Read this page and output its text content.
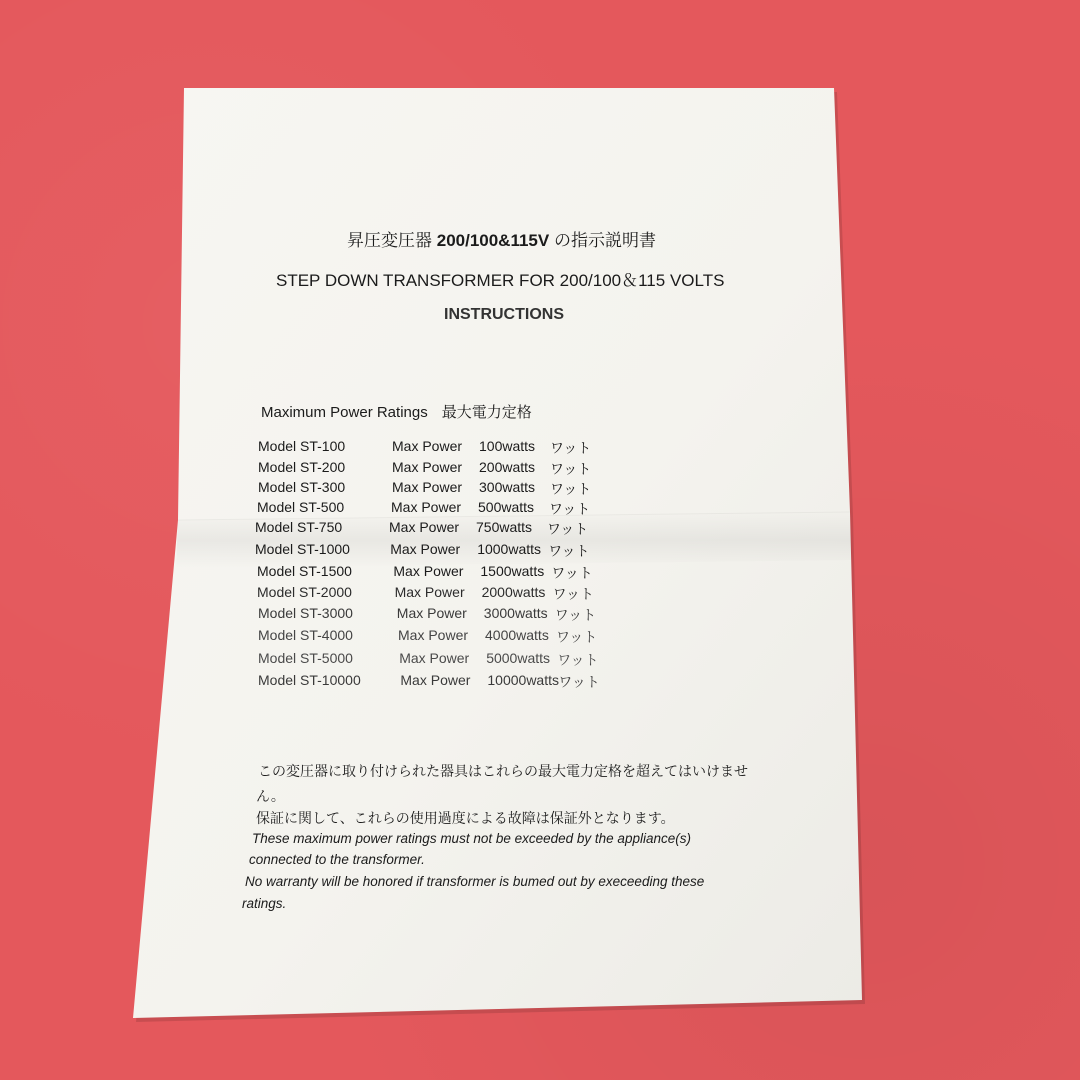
昇圧変圧器 200/100&115V の指示説明書
STEP DOWN TRANSFORMER FOR 200/100＆115 VOLTS
INSTRUCTIONS
Maximum Power Ratings 最大電力定格
Model ST-100	Max Power 100watts ワット
Model ST-200	Max Power 200watts ワット
Model ST-300	Max Power 300watts ワット
Model ST-500	Max Power 500watts ワット
Model ST-750	Max Power 750watts ワット
Model ST-1000	Max Power 1000watts ワット
Model ST-1500	Max Power 1500watts ワット
Model ST-2000	Max Power 2000watts ワット
Model ST-3000	Max Power 3000watts ワット
Model ST-4000	Max Power 4000watts ワット
Model ST-5000	Max Power 5000watts ワット
Model ST-10000	Max Power 10000watts ワット
この変圧器に取り付けられた器具はこれらの最大電力定格を超えてはいけませ
ん。
保証に関して、これらの使用過度による故障は保証外となります。
These maximum power ratings must not be exceeded by the appliance(s)
connected to the transformer.
No warranty will be honored if transformer is bumed out by execeeding these
ratings.
